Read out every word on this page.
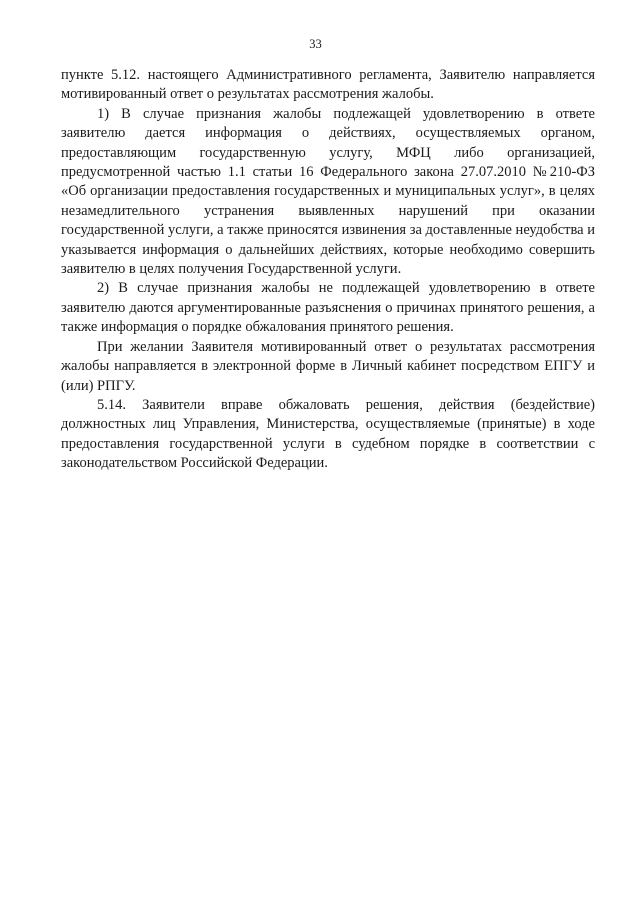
33

пункте 5.12. настоящего Административного регламента, Заявителю направляется мотивированный ответ о результатах рассмотрения жалобы.

1) В случае признания жалобы подлежащей удовлетворению в ответе заявителю дается информация о действиях, осуществляемых органом, предоставляющим государственную услугу, МФЦ либо организацией, предусмотренной частью 1.1 статьи 16 Федерального закона 27.07.2010 №210-ФЗ «Об организации предоставления государственных и муниципальных услуг», в целях незамедлительного устранения выявленных нарушений при оказании государственной услуги, а также приносятся извинения за доставленные неудобства и указывается информация о дальнейших действиях, которые необходимо совершить заявителю в целях получения Государственной услуги.

2) В случае признания жалобы не подлежащей удовлетворению в ответе заявителю даются аргументированные разъяснения о причинах принятого решения, а также информация о порядке обжалования принятого решения.

При желании Заявителя мотивированный ответ о результатах рассмотрения жалобы направляется в электронной форме в Личный кабинет посредством ЕПГУ и (или) РПГУ.

5.14. Заявители вправе обжаловать решения, действия (бездействие) должностных лиц Управления, Министерства, осуществляемые (принятые) в ходе предоставления государственной услуги в судебном порядке в соответствии с законодательством Российской Федерации.
